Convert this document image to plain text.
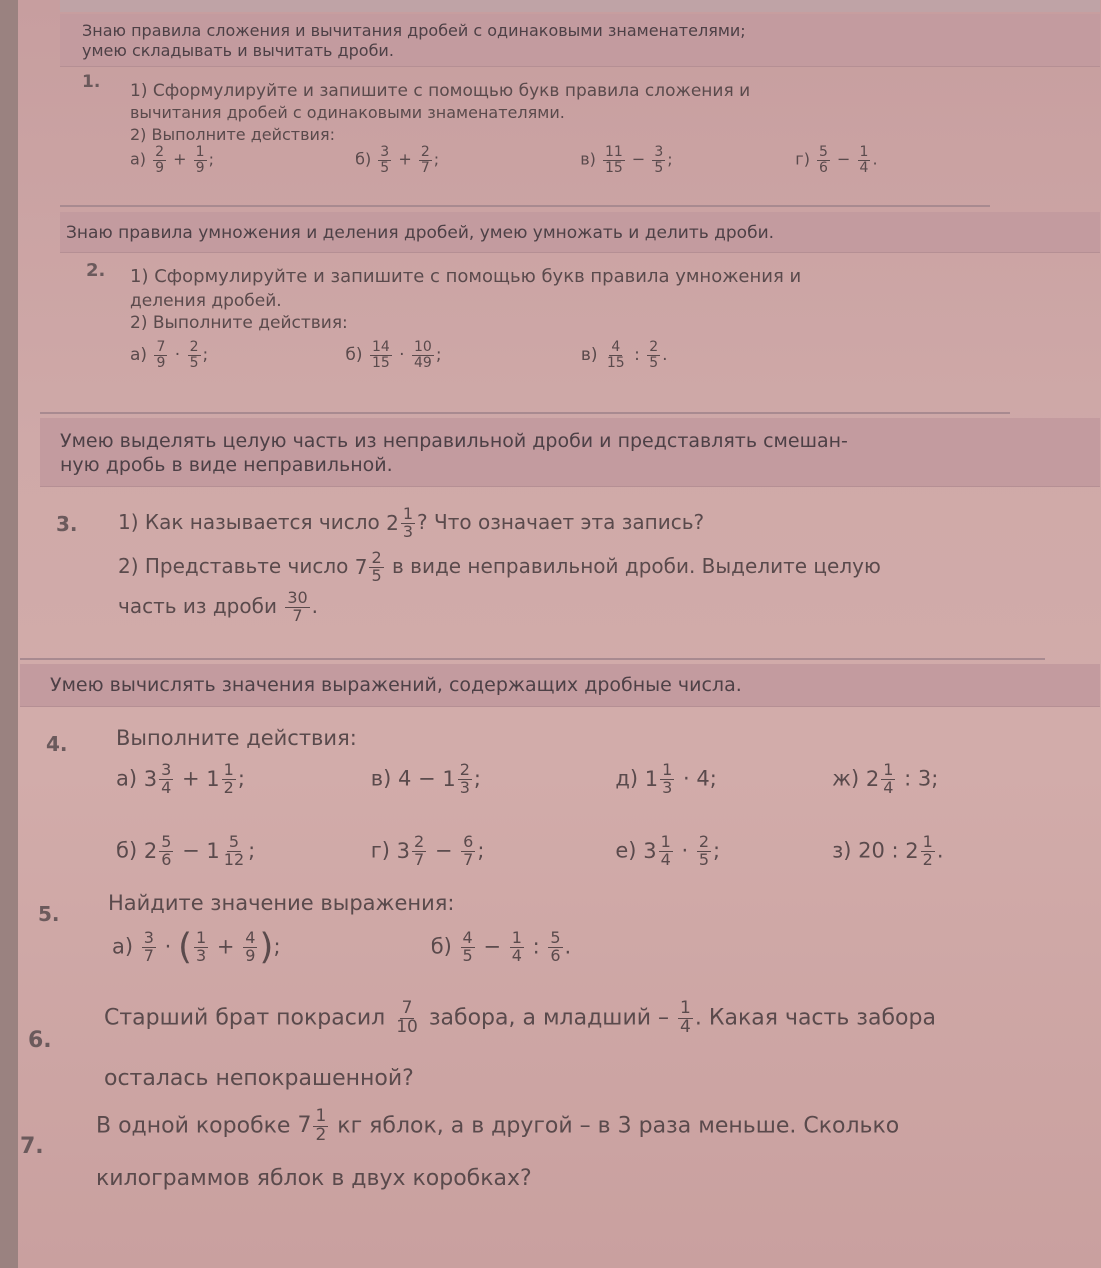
Знаю правила сложения и вычитания дробей с одинаковыми знаменателями;
умею складывать и вычитать дроби.
1. 1) Сформулируйте и запишите с помощью букв правила сложения и
вычитания дробей с одинаковыми знаменателями.
2) Выполните действия:
$а) \frac{2}{9} + \frac{1}{9}$ ;	$б) \frac{3}{5} + \frac{2}{7}$ ;	$в) \frac{11}{15} - \frac{3}{5}$ ;	$г) \frac{5}{6} - \frac{1}{4}$ .
Знаю правила умножения и деления дробей, умею умножать и делить дроби.
2. 1) Сформулируйте и запишите с помощью букв правила умножения и
деления дробей.
2) Выполните действия:
$а) \frac{7}{9} \cdot \frac{2}{5}$ ;	$б) \frac{14}{15} \cdot \frac{10}{49}$ ;	$в) \frac{4}{15}$ : $\frac{2}{5}$ .
Умею выделять целую часть из неправильной дроби и представлять смешан-
ную дробь в виде неправильной.
3. 1) Как называется число $2 \frac{1}{3}$ ? Что означает эта запись?
2) Представьте число $7 \frac{2}{5}$ в виде неправильной дроби. Выделите целую
часть из дроби $\frac{30}{7}$ .
Умею вычислять значения выражений, содержащих дробные числа.
4. Выполните действия:
а) $3 \frac{3}{4} + 1 \frac{1}{2}$ ;	в) $4 - 1 \frac{2}{3}$ ;	д) $1 \frac{1}{3} \cdot 4$;	ж) $2 \frac{1}{4}$ : 3;
б) $2 \frac{5}{6} - 1 \frac{5}{12}$ ;	г) $3 \frac{2}{7} - \frac{6}{7}$ ;	е) $3 \frac{1}{4} \cdot \frac{2}{5}$ ;	з) 20 : $2 \frac{1}{2}$ .
5. Найдите значение выражения:
$а) \frac{3}{7}$ · ( $\frac{1}{3} + \frac{4}{9}$ );	$б) \frac{4}{5} - \frac{1}{4}$ : $\frac{5}{6}$ .
6.
Старший брат покрасил $\frac{7}{10}$ забора, а младший – $\frac{1}{4}$ . Какая часть забора
осталась непокрашенной?
7.
В одной коробке $7 \frac{1}{2}$ кг яблок, а в другой – в 3 раза меньше. Сколько
килограммов яблок в двух коробках?
